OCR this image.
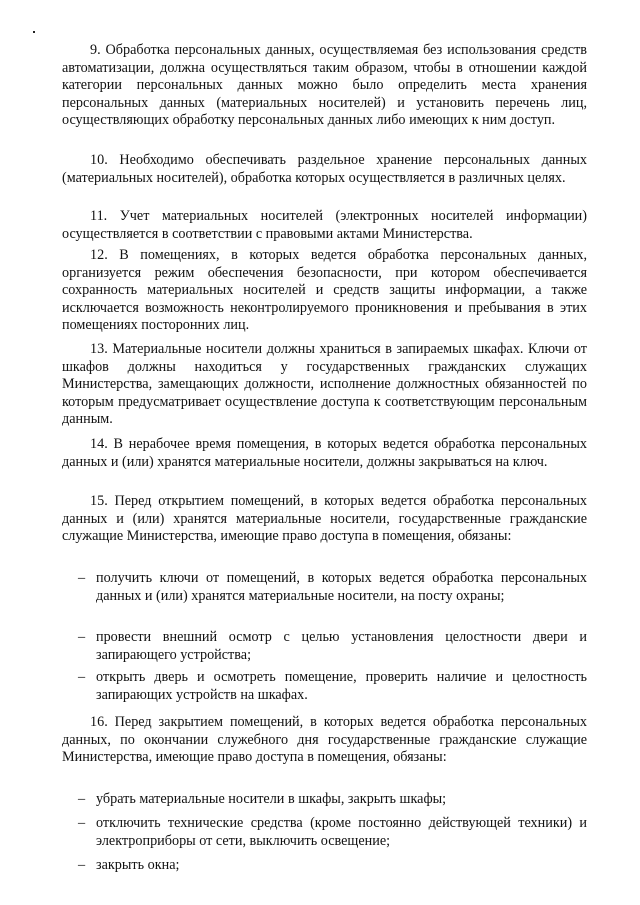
9. Обработка персональных данных, осуществляемая без использования средств автоматизации, должна осуществляться таким образом, чтобы в отношении каждой категории персональных данных можно было определить места хранения персональных данных (материальных носителей) и установить перечень лиц, осуществляющих обработку персональных данных либо имеющих к ним доступ.

10. Необходимо обеспечивать раздельное хранение персональных данных (материальных носителей), обработка которых осуществляется в различных целях.

11. Учет материальных носителей (электронных носителей информации) осуществляется в соответствии с правовыми актами Министерства.

12. В помещениях, в которых ведется обработка персональных данных, организуется режим обеспечения безопасности, при котором обеспечивается сохранность материальных носителей и средств защиты информации, а также исключается возможность неконтролируемого проникновения и пребывания в этих помещениях посторонних лиц.

13. Материальные носители должны храниться в запираемых шкафах. Ключи от шкафов должны находиться у государственных гражданских служащих Министерства, замещающих должности, исполнение должностных обязанностей по которым предусматривает осуществление доступа к соответствующим персональным данным.

14. В нерабочее время помещения, в которых ведется обработка персональных данных и (или) хранятся материальные носители, должны закрываться на ключ.

15. Перед открытием помещений, в которых ведется обработка персональных данных и (или) хранятся материальные носители, государственные гражданские служащие Министерства, имеющие право доступа в помещения, обязаны:

– получить ключи от помещений, в которых ведется обработка персональных данных и (или) хранятся материальные носители, на посту охраны;
– провести внешний осмотр с целью установления целостности двери и запирающего устройства;
– открыть дверь и осмотреть помещение, проверить наличие и целостность запирающих устройств на шкафах.

16. Перед закрытием помещений, в которых ведется обработка персональных данных, по окончании служебного дня государственные гражданские служащие Министерства, имеющие право доступа в помещения, обязаны:

– убрать материальные носители в шкафы, закрыть шкафы;
– отключить технические средства (кроме постоянно действующей техники) и электроприборы от сети, выключить освещение;
– закрыть окна;
